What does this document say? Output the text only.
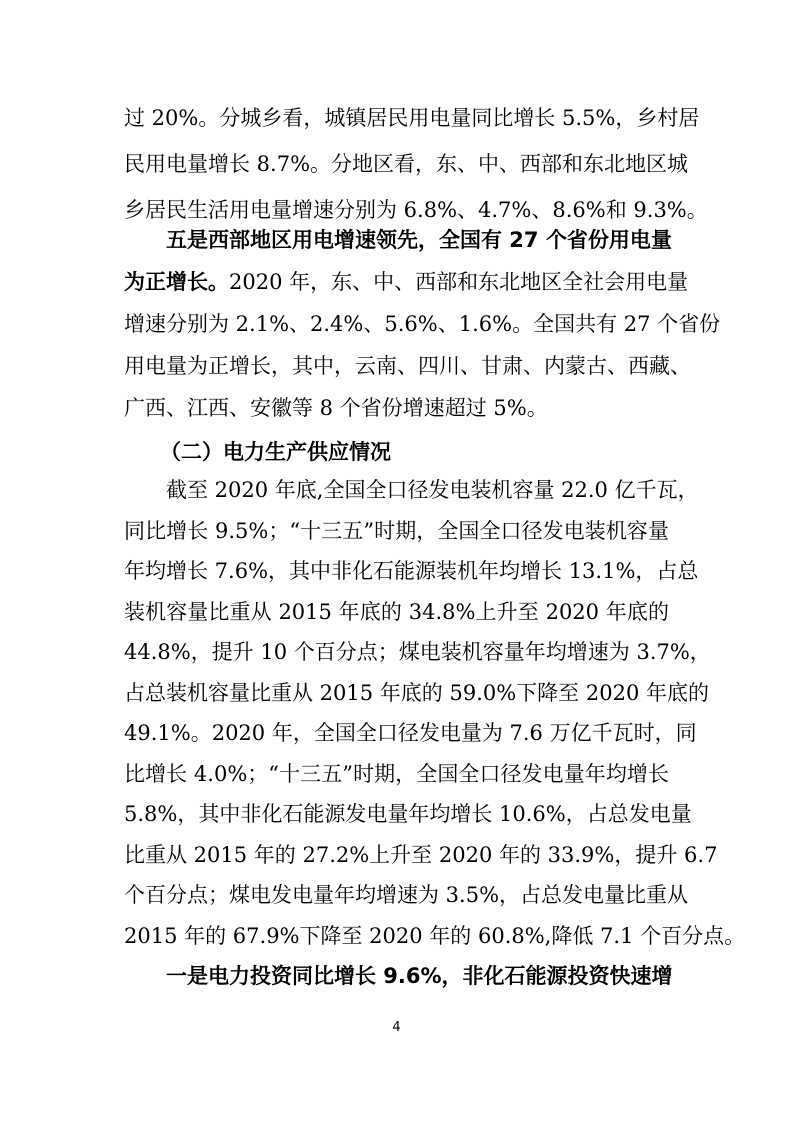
过 20%。分城乡看，城镇居民用电量同比增长 5.5%，乡村居
民用电量增长 8.7%。分地区看，东、中、西部和东北地区城
乡居民生活用电量增速分别为 6.8%、4.7%、8.6%和 9.3%。
五是西部地区用电增速领先，全国有 27 个省份用电量
为正增长。2020 年，东、中、西部和东北地区全社会用电量
增速分别为 2.1%、2.4%、5.6%、1.6%。全国共有 27 个省份
用电量为正增长，其中，云南、四川、甘肃、内蒙古、西藏、
（二）电力生产供应情况
截至 2020 年底,全国全口径发电装机容量 22.0 亿千瓦，
同比增长 9.5%；“十三五”时期，全国全口径发电装机容量
年均增长 7.6%，其中非化石能源装机年均增长 13.1%，占总
装机容量比重从 2015 年底的 34.8%上升至 2020 年底的
44.8%，提升 10 个百分点；煤电装机容量年均增速为 3.7%，
占总装机容量比重从 2015 年底的 59.0%下降至 2020 年底的
49.1%。2020 年，全国全口径发电量为 7.6 万亿千瓦时，同
比增长 4.0%；“十三五”时期，全国全口径发电量年均增长
5.8%，其中非化石能源发电量年均增长 10.6%，占总发电量
比重从 2015 年的 27.2%上升至 2020 年的 33.9%，提升 6.7
个百分点；煤电发电量年均增速为 3.5%，占总发电量比重从
2015 年的 67.9%下降至 2020 年的 60.8%,降低 7.1 个百分点。
4
广西、江西、安徽等 8 个省份增速超过 5%。
一是电力投资同比增长 9.6%，非化石能源投资快速增
